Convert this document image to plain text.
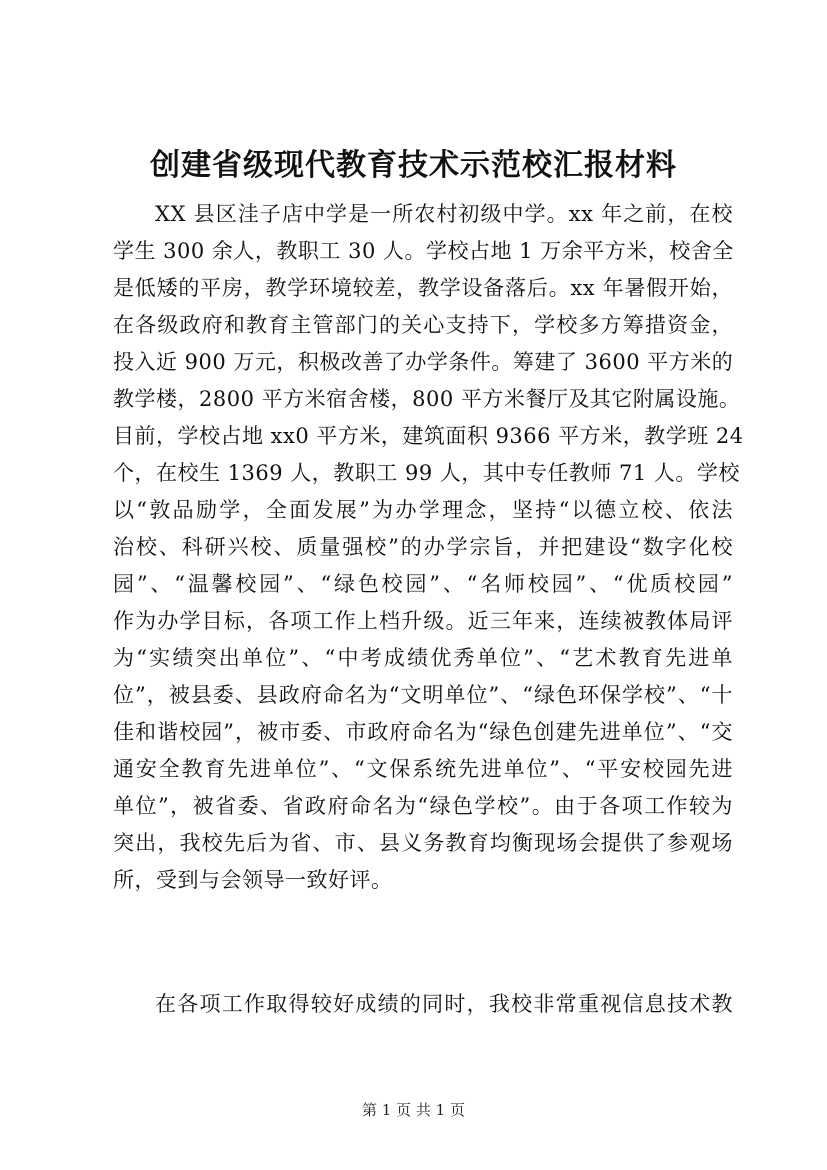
创建省级现代教育技术示范校汇报材料
XX 县区洼子店中学是一所农村初级中学。xx 年之前，在校
学生 300 余人，教职工 30 人。学校占地 1 万余平方米，校舍全
是低矮的平房，教学环境较差，教学设备落后。xx 年暑假开始，
在各级政府和教育主管部门的关心支持下，学校多方筹措资金，
投入近 900 万元，积极改善了办学条件。筹建了 3600 平方米的
教学楼，2800 平方米宿舍楼，800 平方米餐厅及其它附属设施。
目前，学校占地 xx0 平方米，建筑面积 9366 平方米，教学班 24
个，在校生 1369 人，教职工 99 人，其中专任教师 71 人。学校
以“敦品励学，全面发展”为办学理念，坚持“以德立校、依法
治校、科研兴校、质量强校”的办学宗旨，并把建设“数字化校
园”、“温馨校园”、“绿色校园”、“名师校园”、“优质校园”
作为办学目标，各项工作上档升级。近三年来，连续被教体局评
为“实绩突出单位”、“中考成绩优秀单位”、“艺术教育先进单
位”，被县委、县政府命名为“文明单位”、“绿色环保学校”、“十
佳和谐校园”，被市委、市政府命名为“绿色创建先进单位”、“交
通安全教育先进单位”、“文保系统先进单位”、“平安校园先进
单位”，被省委、省政府命名为“绿色学校”。由于各项工作较为
突出，我校先后为省、市、县义务教育均衡现场会提供了参观场
所，受到与会领导一致好评。
在各项工作取得较好成绩的同时，我校非常重视信息技术教
第 1 页 共 1 页
